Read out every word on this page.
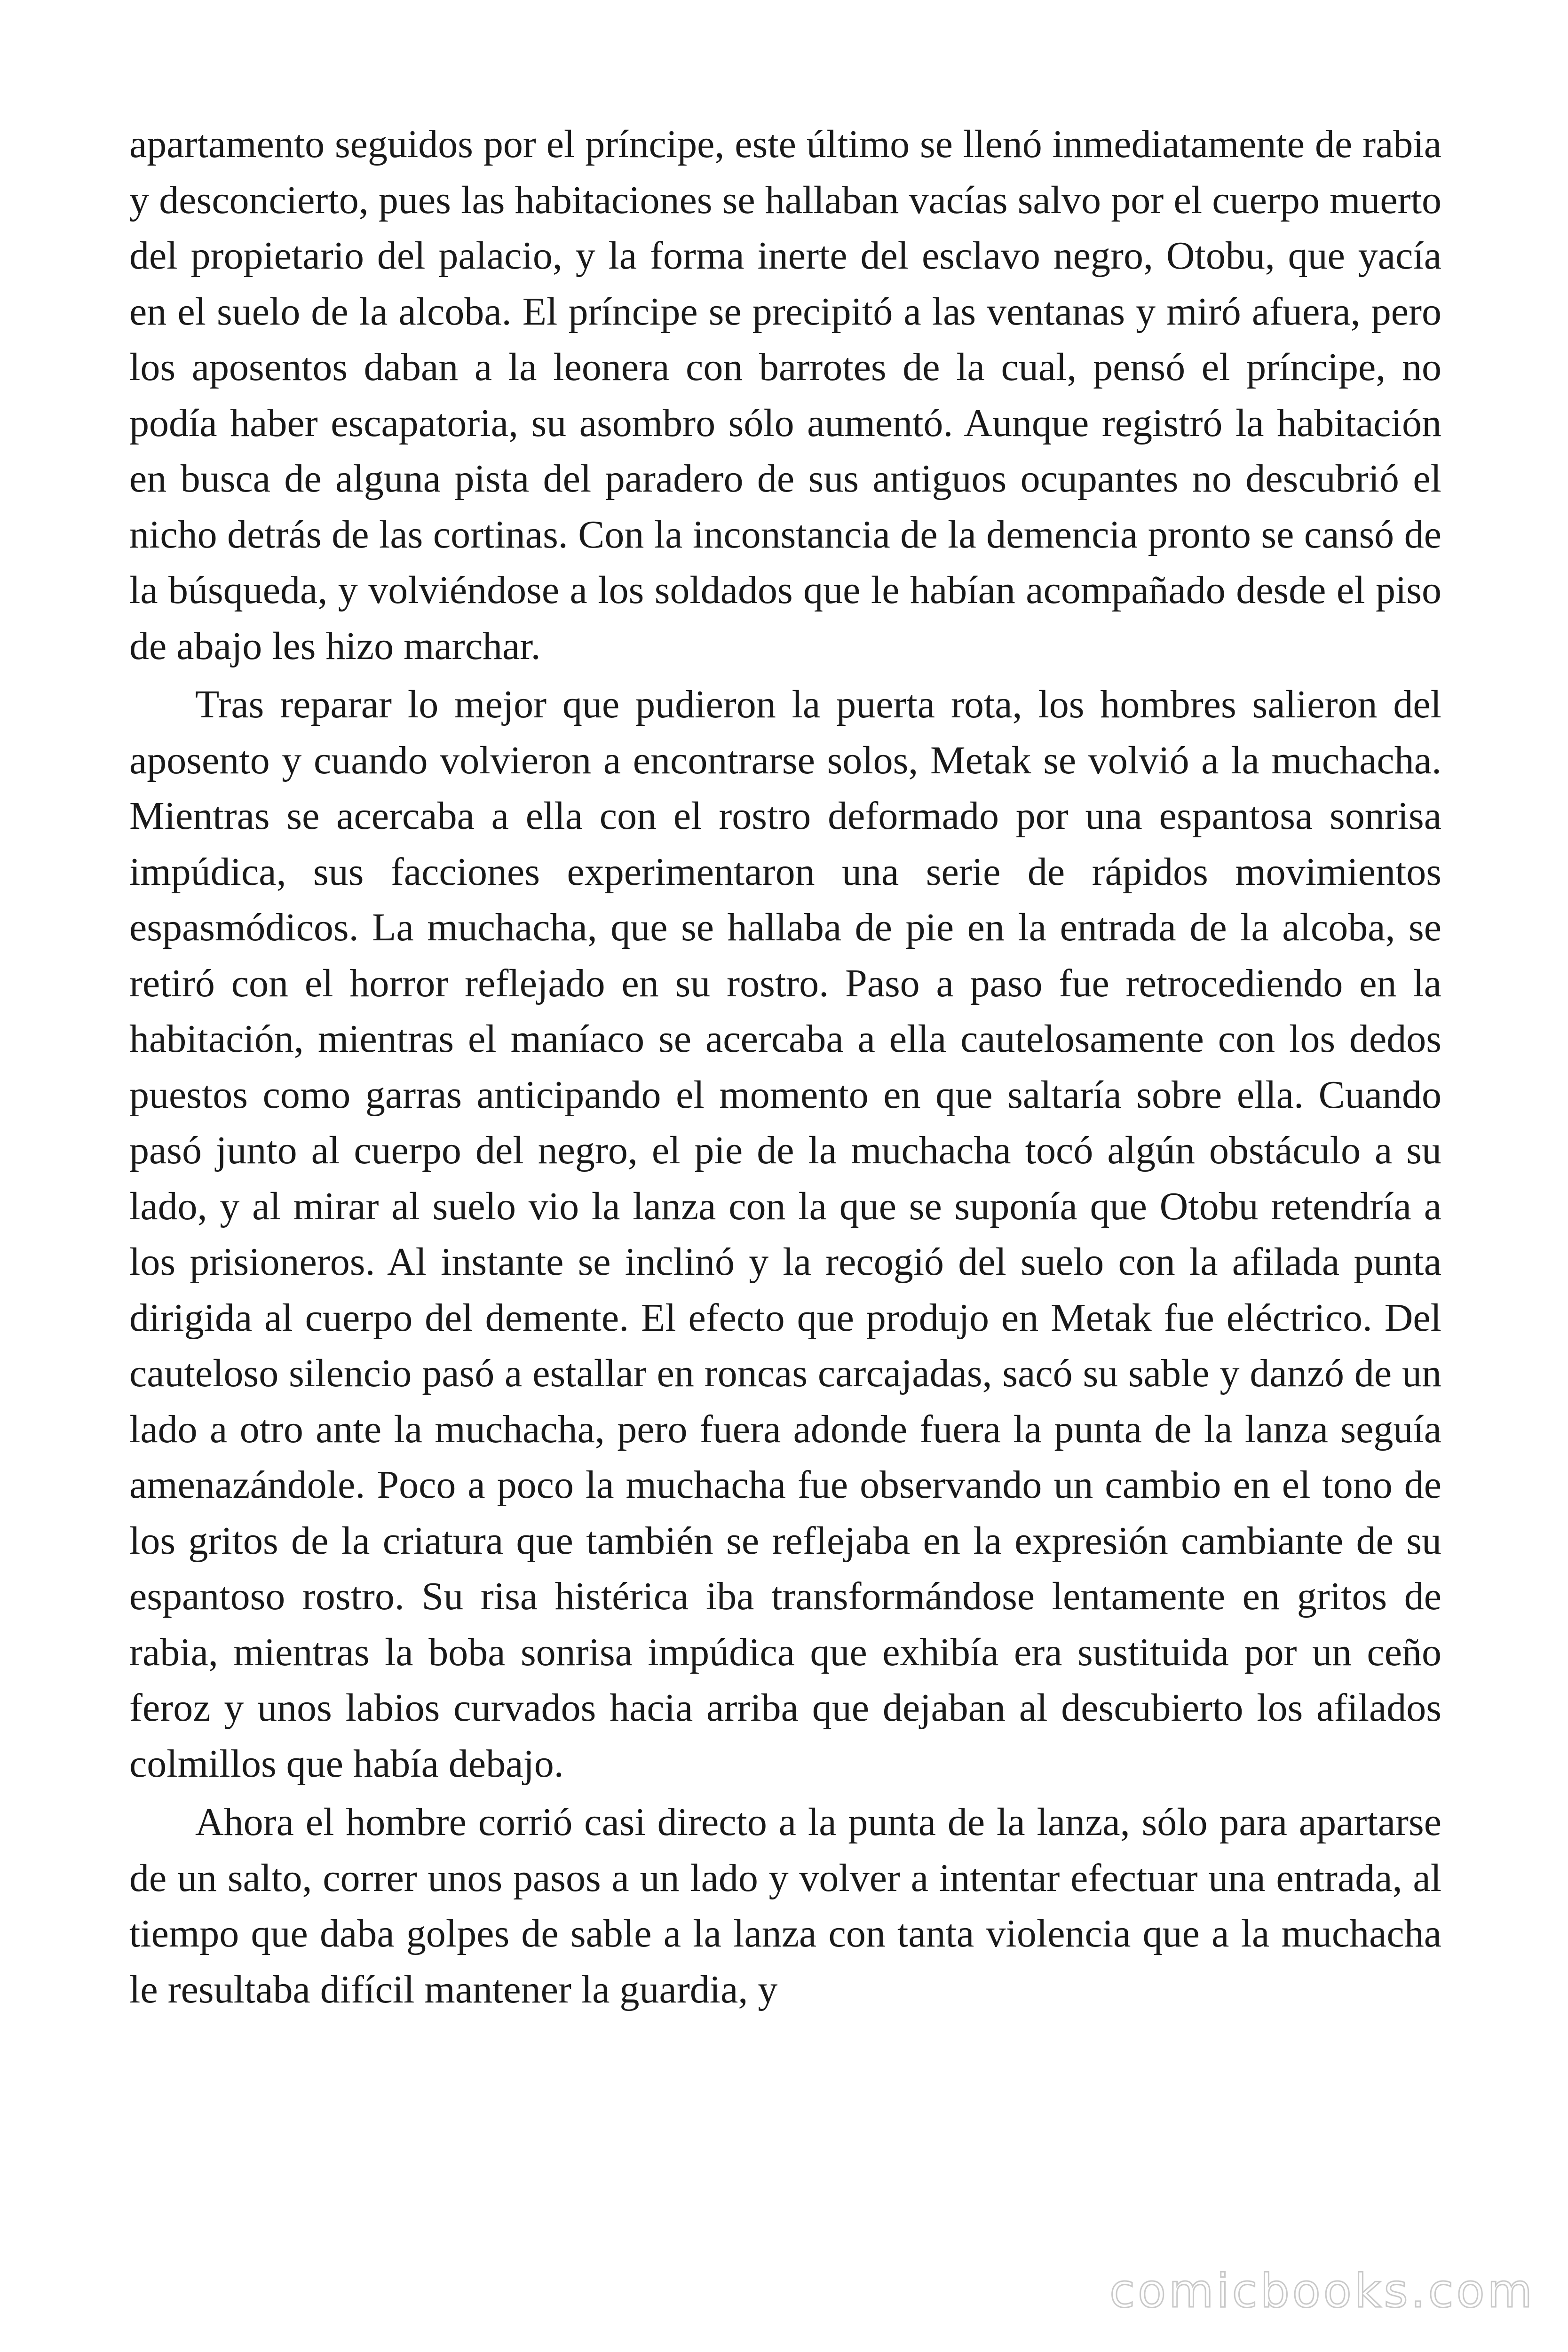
apartamento seguidos por el príncipe, este último se llenó inmediatamente de rabia y desconcierto, pues las habitaciones se hallaban vacías salvo por el cuerpo muerto del propietario del palacio, y la forma inerte del esclavo negro, Otobu, que yacía en el suelo de la alcoba. El príncipe se precipitó a las ventanas y miró afuera, pero los aposentos daban a la leonera con barrotes de la cual, pensó el príncipe, no podía haber escapatoria, su asombro sólo aumentó. Aunque registró la habitación en busca de alguna pista del paradero de sus antiguos ocupantes no descubrió el nicho detrás de las cortinas. Con la inconstancia de la demencia pronto se cansó de la búsqueda, y volviéndose a los soldados que le habían acompañado desde el piso de abajo les hizo marchar.

Tras reparar lo mejor que pudieron la puerta rota, los hombres salieron del aposento y cuando volvieron a encontrarse solos, Metak se volvió a la muchacha. Mientras se acercaba a ella con el rostro deformado por una espantosa sonrisa impúdica, sus facciones experimentaron una serie de rápidos movimientos espasmódicos. La muchacha, que se hallaba de pie en la entrada de la alcoba, se retiró con el horror reflejado en su rostro. Paso a paso fue retrocediendo en la habitación, mientras el maníaco se acercaba a ella cautelosamente con los dedos puestos como garras anticipando el momento en que saltaría sobre ella. Cuando pasó junto al cuerpo del negro, el pie de la muchacha tocó algún obstáculo a su lado, y al mirar al suelo vio la lanza con la que se suponía que Otobu retendría a los prisioneros. Al instante se inclinó y la recogió del suelo con la afilada punta dirigida al cuerpo del demente. El efecto que produjo en Metak fue eléctrico. Del cauteloso silencio pasó a estallar en roncas carcajadas, sacó su sable y danzó de un lado a otro ante la muchacha, pero fuera adonde fuera la punta de la lanza seguía amenazándole. Poco a poco la muchacha fue observando un cambio en el tono de los gritos de la criatura que también se reflejaba en la expresión cambiante de su espantoso rostro. Su risa histérica iba transformándose lentamente en gritos de rabia, mientras la boba sonrisa impúdica que exhibía era sustituida por un ceño feroz y unos labios curvados hacia arriba que dejaban al descubierto los afilados colmillos que había debajo.

Ahora el hombre corrió casi directo a la punta de la lanza, sólo para apartarse de un salto, correr unos pasos a un lado y volver a intentar efectuar una entrada, al tiempo que daba golpes de sable a la lanza con tanta violencia que a la muchacha le resultaba difícil mantener la guardia, y

comicbooks.com
